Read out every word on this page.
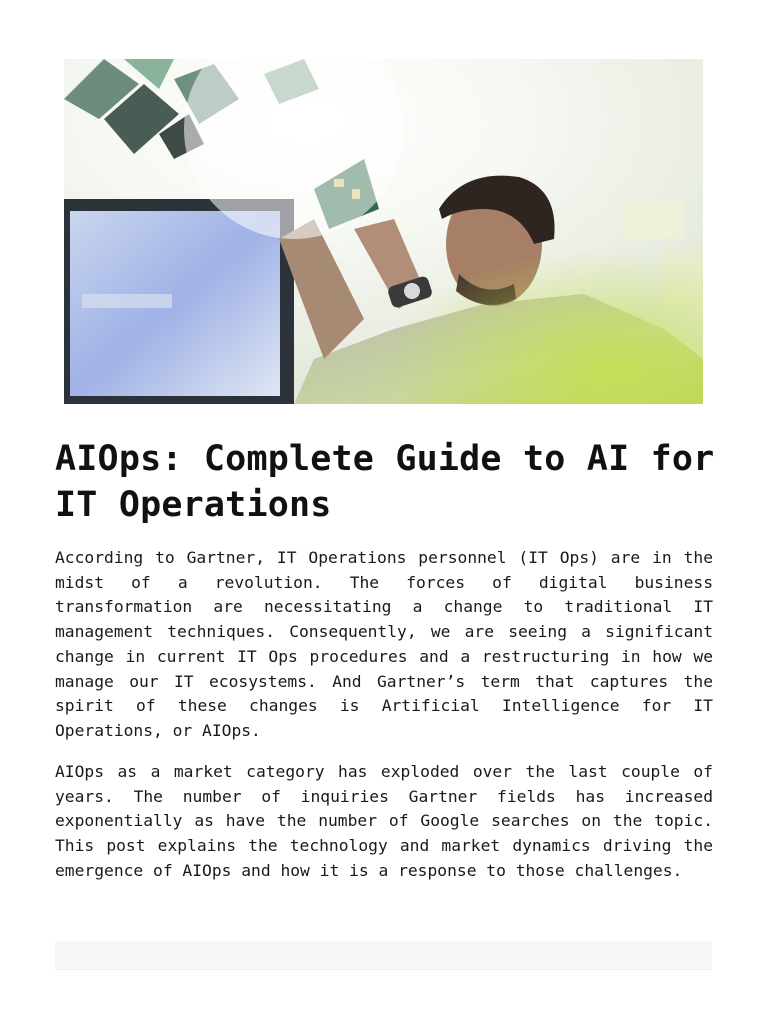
AIOps: Complete Guide to AI for IT Operations

According to Gartner, IT Operations personnel (IT Ops) are in the midst of a revolution. The forces of digital business transformation are necessitating a change to traditional IT management techniques. Consequently, we are seeing a significant change in current IT Ops procedures and a restructuring in how we manage our IT ecosystems. And Gartner’s term that captures the spirit of these changes is Artificial Intelligence for IT Operations, or AIOps.

AIOps as a market category has exploded over the last couple of years. The number of inquiries Gartner fields has increased exponentially as have the number of Google searches on the topic. This post explains the technology and market dynamics driving the emergence of AIOps and how it is a response to those challenges.
